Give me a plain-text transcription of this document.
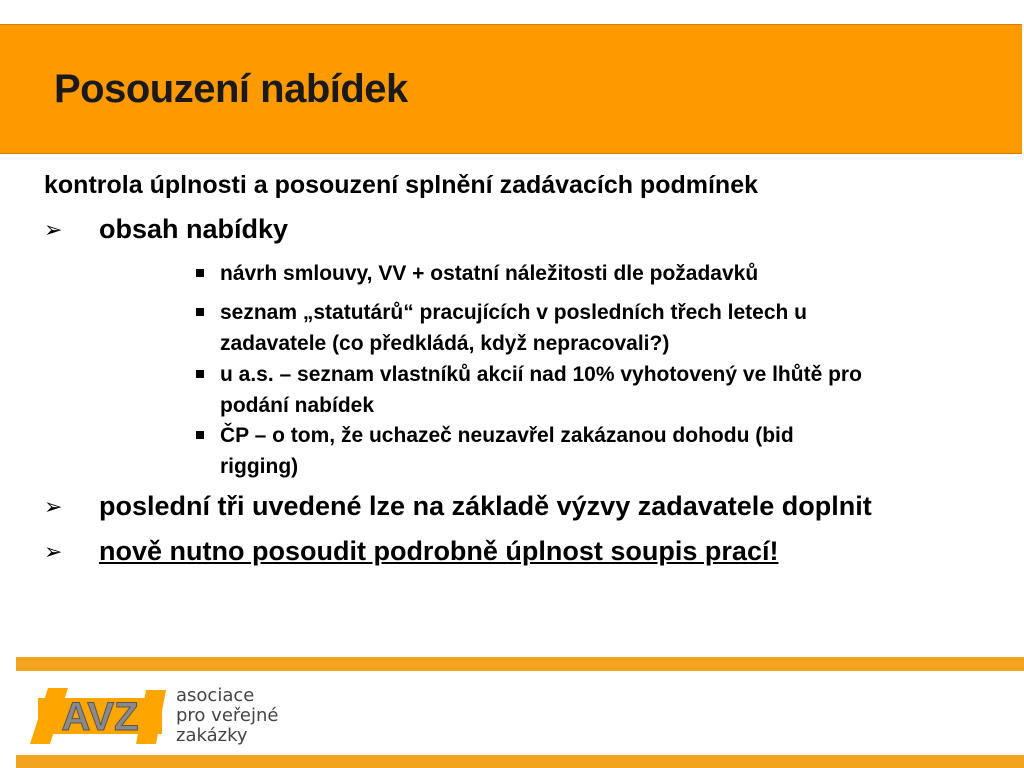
Posouzení nabídek

kontrola úplnosti a posouzení splnění zadávacích podmínek

➢ obsah nabídky

návrh smlouvy, VV + ostatní náležitosti dle požadavků
seznam „statutárů“ pracujících v posledních třech letech u
zadavatele (co předkládá, když nepracovali?)
u a.s. – seznam vlastníků akcií nad 10% vyhotovený ve lhůtě pro
podání nabídek
ČP – o tom, že uchazeč neuzavřel zakázanou dohodu (bid
rigging)
➢ poslední tři uvedené lze na základě výzvy zadavatele doplnit

➢ nově nutno posoudit podrobně úplnost soupis prací!

AVZ asociace
pro veřejné
zakázky
